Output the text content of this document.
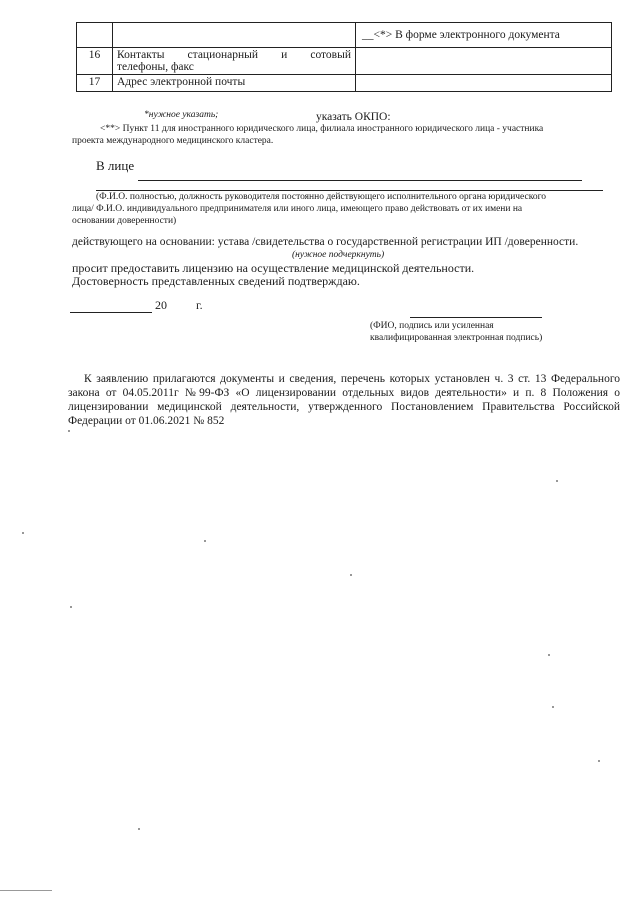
		__<*> В форме электронного документа
16	Контакты стационарный и сотовый
телефоны, факс	

17	Адрес электронной почты	
*нужное указать;	указать ОКПО:
<**> Пункт 11 для иностранного юридического лица, филиала иностранного юридического лица - участника
проекта международного медицинского кластера.
В лице
(Ф.И.О. полностью, должность руководителя постоянно действующего исполнительного органа юридического
лица/ Ф.И.О. индивидуального предпринимателя или иного лица, имеющего право действовать от их имени на
основании доверенности)
действующего на основании: устава /свидетельства о государственной регистрации ИП /доверенности.
(нужное подчеркнуть)
просит предоставить лицензию на осуществление медицинской деятельности.
Достоверность представленных сведений подтверждаю.
20 г.
(ФИО, подпись или усиленная
квалифицированная электронная подпись)
К заявлению прилагаются документы и сведения, перечень которых установлен ч. 3 ст. 13 Федерального закона от 04.05.2011г №99-ФЗ «О лицензировании отдельных видов деятельности» и п. 8 Положения о лицензировании медицинской деятельности, утвержденного Постановлением Правительства Российской Федерации от 01.06.2021 № 852
